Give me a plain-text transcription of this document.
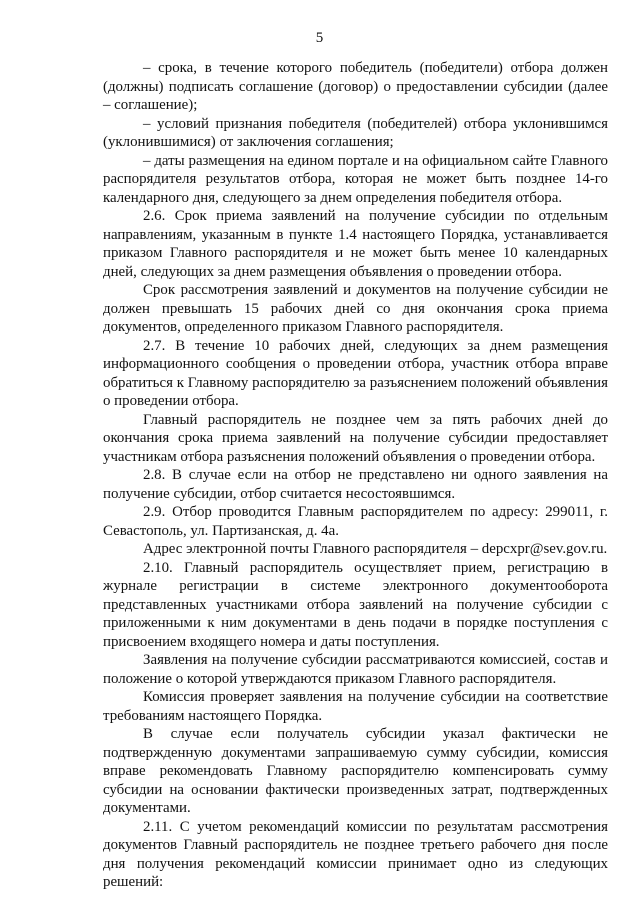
5

– срока, в течение которого победитель (победители) отбора должен (должны) подписать соглашение (договор) о предоставлении субсидии (далее – соглашение);

– условий признания победителя (победителей) отбора уклонившимся (уклонившимися) от заключения соглашения;

– даты размещения на едином портале и на официальном сайте Главного распорядителя результатов отбора, которая не может быть позднее 14-го календарного дня, следующего за днем определения победителя отбора.

2.6. Срок приема заявлений на получение субсидии по отдельным направлениям, указанным в пункте 1.4 настоящего Порядка, устанавливается приказом Главного распорядителя и не может быть менее 10 календарных дней, следующих за днем размещения объявления о проведении отбора.

Срок рассмотрения заявлений и документов на получение субсидии не должен превышать 15 рабочих дней со дня окончания срока приема документов, определенного приказом Главного распорядителя.

2.7. В течение 10 рабочих дней, следующих за днем размещения информационного сообщения о проведении отбора, участник отбора вправе обратиться к Главному распорядителю за разъяснением положений объявления о проведении отбора.

Главный распорядитель не позднее чем за пять рабочих дней до окончания срока приема заявлений на получение субсидии предоставляет участникам отбора разъяснения положений объявления о проведении отбора.

2.8. В случае если на отбор не представлено ни одного заявления на получение субсидии, отбор считается несостоявшимся.

2.9. Отбор проводится Главным распорядителем по адресу: 299011, г. Севастополь, ул. Партизанская, д. 4а.

Адрес электронной почты Главного распорядителя – depcxpr@sev.gov.ru.

2.10. Главный распорядитель осуществляет прием, регистрацию в журнале регистрации в системе электронного документооборота представленных участниками отбора заявлений на получение субсидии с приложенными к ним документами в день подачи в порядке поступления с присвоением входящего номера и даты поступления.

Заявления на получение субсидии рассматриваются комиссией, состав и положение о которой утверждаются приказом Главного распорядителя.

Комиссия проверяет заявления на получение субсидии на соответствие требованиям настоящего Порядка.

В случае если получатель субсидии указал фактически не подтвержденную документами запрашиваемую сумму субсидии, комиссия вправе рекомендовать Главному распорядителю компенсировать сумму субсидии на основании фактически произведенных затрат, подтвержденных документами.

2.11. С учетом рекомендаций комиссии по результатам рассмотрения документов Главный распорядитель не позднее третьего рабочего дня после дня получения рекомендаций комиссии принимает одно из следующих решений:
